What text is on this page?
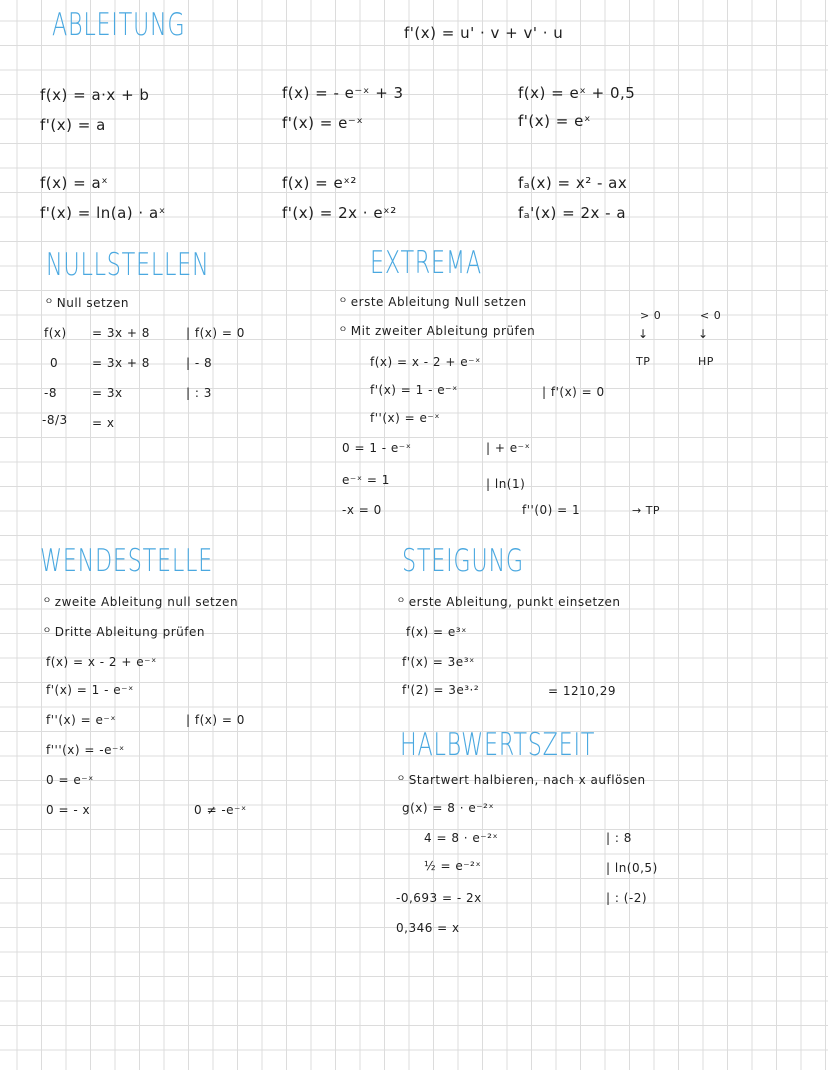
ABLEITUNG	f'(x) = u' · v + v' · u
f(x) = a·x + b
f'(x) = a
f(x) = - e⁻ˣ + 3
f'(x) = e⁻ˣ
f(x) = eˣ + 0,5
f'(x) = eˣ
f(x) = aˣ
f'(x) = ln(a) · aˣ
f(x) = eˣ²
f'(x) = 2x · eˣ²
fₐ(x) = x² - ax
fₐ'(x) = 2x - a
NULLSTELLEN
ᴼ Null setzen
f(x) = 3x + 8	| f(x) = 0
0	= 3x + 8	| - 8
-8	= 3x	| : 3
-8/3 = x
EXTREMA
ᴼ erste Ableitung Null setzen
ᴼ Mit zweiter Ableitung prüfen
> 0	< 0
↓	↓
TP	HP
f(x) = x - 2 + e⁻ˣ
f'(x) = 1 - e⁻ˣ	| f'(x) = 0
f''(x) = e⁻ˣ
0 = 1 - e⁻ˣ	| + e⁻ˣ
e⁻ˣ = 1	| ln(1)
-x = 0	f''(0) = 1	→ TP
WENDESTELLE
ᴼ zweite Ableitung null setzen
ᴼ Dritte Ableitung prüfen
f(x) = x - 2 + e⁻ˣ
f'(x) = 1 - e⁻ˣ
f''(x) = e⁻ˣ	| f(x) = 0
f'''(x) = -e⁻ˣ
0 = e⁻ˣ
0 = - x	0 ≠ -e⁻ˣ
STEIGUNG
ᴼ erste Ableitung, punkt einsetzen
f(x) = e³ˣ
f'(x) = 3e³ˣ
f'(2) = 3e³·²	= 1210,29
HALBWERTSZEIT
ᴼ Startwert halbieren, nach x auflösen
g(x) = 8 · e⁻²ˣ
4 = 8 · e⁻²ˣ	| : 8
½ = e⁻²ˣ	| ln(0,5)
-0,693 = - 2x	| : (-2)
0,346 = x
